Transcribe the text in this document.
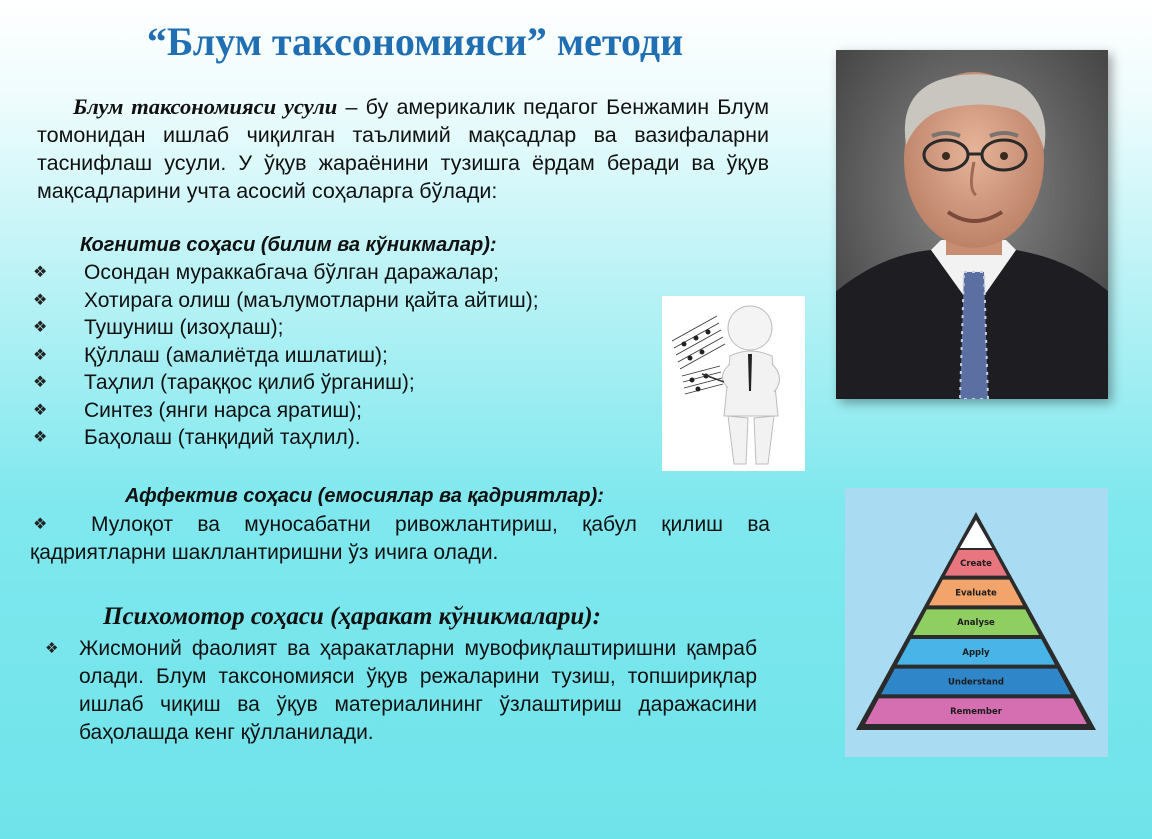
“Блум таксономияси” методи
Блум таксономияси усули – бу америкалик педагог Бенжамин Блум томонидан ишлаб чиқилган таълимий мақсадлар ва вазифаларни таснифлаш усули. У ўқув жараёнини тузишга ёрдам беради ва ўқув мақсадларини учта асосий соҳаларга бўлади:
Когнитив соҳаси (билим ва кўникмалар):
❖ Осондан мураккабгача бўлган даражалар;
❖ Хотирага олиш (маълумотларни қайта айтиш);
❖ Тушуниш (изоҳлаш);
❖ Қўллаш (амалиётда ишлатиш);
❖ Таҳлил (тараққос қилиб ўрганиш);
❖ Синтез (янги нарса яратиш);
❖ Баҳолаш (танқидий таҳлил).
Аффектив соҳаси (емосиялар ва қадриятлар):
❖	Мулоқот ва муносабатни ривожлантириш, қабул қилиш ва қадриятларни шакллантиришни ўз ичига олади.

Психомотор соҳаси (ҳаракат кўникмалари):
❖ Жисмоний фаолият ва ҳаракатларни мувофиқлаштиришни қамраб олади. Блум таксономияси ўқув режаларини тузиш, топшириқлар ишлаб чиқиш ва ўқув материалининг ўзлаштириш даражасини баҳолашда кенг қўлланилади.

Create
Evaluate
Analyse
Apply
Understand
Remember
